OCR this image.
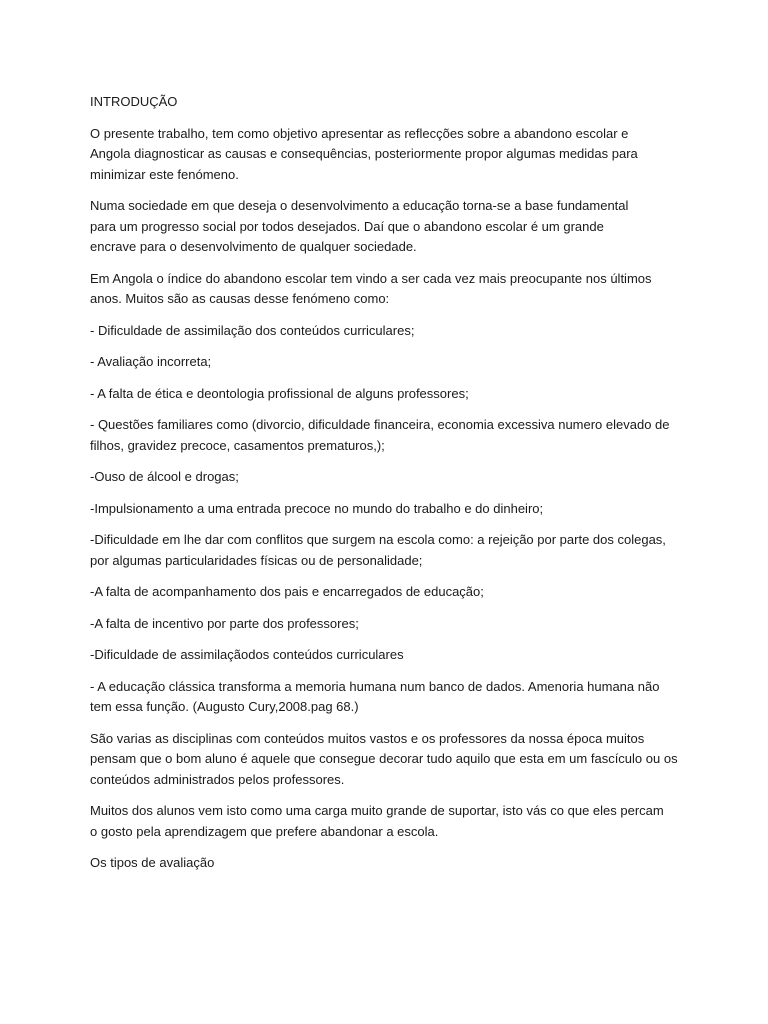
INTRODUÇÃO

O presente trabalho, tem como objetivo apresentar as reflecções sobre a abandono escolar e Angola diagnosticar as causas e consequências, posteriormente propor algumas medidas para minimizar este fenómeno.

Numa sociedade em que deseja o desenvolvimento a educação torna-se a base fundamental para um progresso social por todos desejados. Daí que o abandono escolar é um grande encrave para o desenvolvimento de qualquer sociedade.

Em Angola o índice do abandono escolar tem vindo a ser cada vez mais preocupante nos últimos anos. Muitos são as causas desse fenómeno como:

- Dificuldade de assimilação dos conteúdos curriculares;

- Avaliação incorreta;

- A falta de ética e deontologia profissional de alguns professores;

- Questões familiares como (divorcio, dificuldade financeira, economia excessiva numero elevado de filhos, gravidez precoce, casamentos prematuros,);

-Ouso de álcool e drogas;

-Impulsionamento a uma entrada precoce no mundo do trabalho e do dinheiro;

-Dificuldade em lhe dar com conflitos que surgem na escola como: a rejeição por parte dos colegas, por algumas particularidades físicas ou de personalidade;

-A falta de acompanhamento dos pais e encarregados de educação;

-A falta de incentivo por parte dos professores;

-Dificuldade de assimilaçãodos conteúdos curriculares

- A educação clássica transforma a memoria humana num banco de dados. Amenoria humana não tem essa função. (Augusto Cury,2008.pag 68.)

São varias as disciplinas com conteúdos muitos vastos e os professores da nossa época muitos pensam que o bom aluno é aquele que consegue decorar tudo aquilo que esta em um fascículo ou os conteúdos administrados pelos professores.

Muitos dos alunos vem isto como uma carga muito grande de suportar, isto vás co que eles percam o gosto pela aprendizagem que prefere abandonar a escola.

Os tipos de avaliação
